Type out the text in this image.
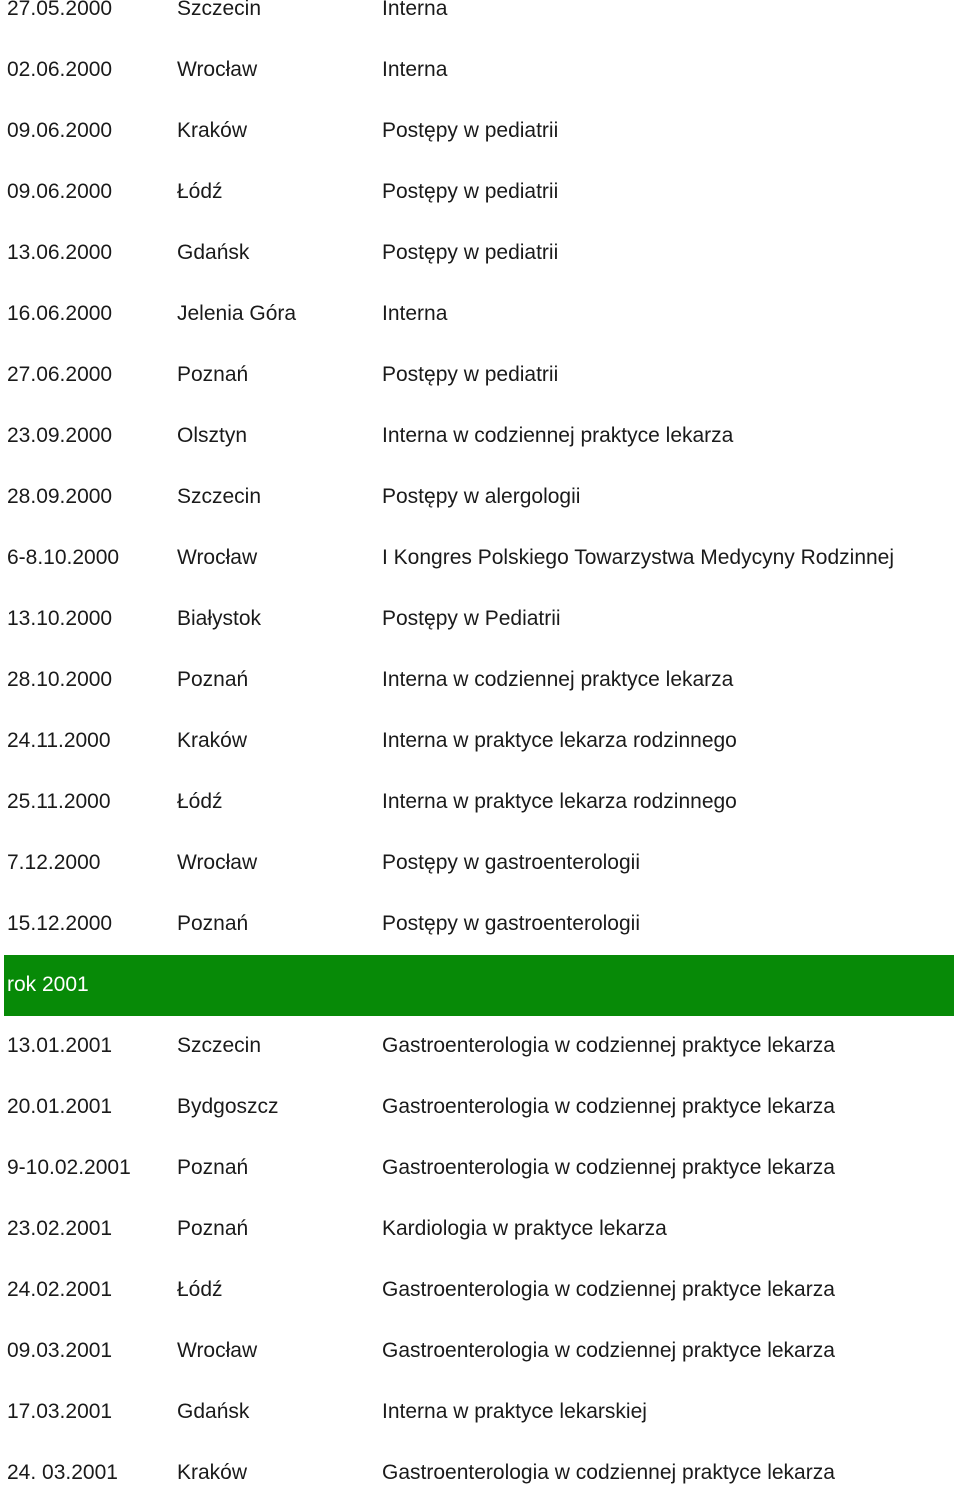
27.05.2000	Szczecin	Interna
02.06.2000	Wrocław	Interna
09.06.2000	Kraków	Postępy w pediatrii
09.06.2000	Łódź	Postępy w pediatrii
13.06.2000	Gdańsk	Postępy w pediatrii
16.06.2000	Jelenia Góra	Interna
27.06.2000	Poznań	Postępy w pediatrii
23.09.2000	Olsztyn	Interna w codziennej praktyce lekarza
28.09.2000	Szczecin	Postępy w alergologii
6-8.10.2000	Wrocław	I Kongres Polskiego Towarzystwa Medycyny Rodzinnej
13.10.2000	Białystok	Postępy w Pediatrii
28.10.2000	Poznań	Interna w codziennej praktyce lekarza
24.11.2000	Kraków	Interna w praktyce lekarza rodzinnego
25.11.2000	Łódź	Interna w praktyce lekarza rodzinnego
7.12.2000	Wrocław	Postępy w gastroenterologii
15.12.2000	Poznań	Postępy w gastroenterologii
rok 2001
13.01.2001	Szczecin	Gastroenterologia w codziennej praktyce lekarza
20.01.2001	Bydgoszcz	Gastroenterologia w codziennej praktyce lekarza
9-10.02.2001 Poznań	Gastroenterologia w codziennej praktyce lekarza
23.02.2001	Poznań	Kardiologia w praktyce lekarza
24.02.2001	Łódź	Gastroenterologia w codziennej praktyce lekarza
09.03.2001	Wrocław	Gastroenterologia w codziennej praktyce lekarza
17.03.2001	Gdańsk	Interna w praktyce lekarskiej
24. 03.2001	Kraków	Gastroenterologia w codziennej praktyce lekarza
